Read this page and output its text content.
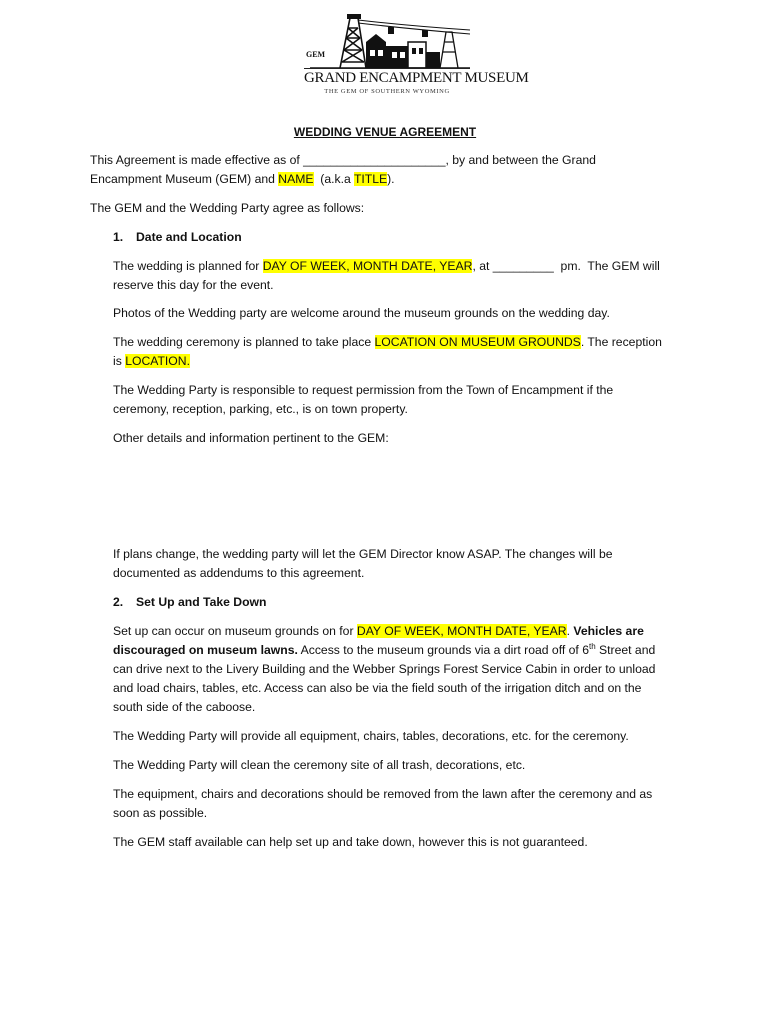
GEM
GRAND ENCAMPMENT MUSEUM
THE GEM OF SOUTHERN WYOMING
WEDDING VENUE AGREEMENT
This Agreement is made effective as of _____________________, by and between the Grand
Encampment Museum (GEM) and NAME  (a.k.a TITLE).
The GEM and the Wedding Party agree as follows:
1. Date and Location
The wedding is planned for DAY OF WEEK, MONTH DATE, YEAR, at _________  pm.  The GEM will
reserve this day for the event.
Photos of the Wedding party are welcome around the museum grounds on the wedding day.
The wedding ceremony is planned to take place LOCATION ON MUSEUM GROUNDS. The reception
is LOCATION.
The Wedding Party is responsible to request permission from the Town of Encampment if the
ceremony, reception, parking, etc., is on town property.
Other details and information pertinent to the GEM:
If plans change, the wedding party will let the GEM Director know ASAP. The changes will be
documented as addendums to this agreement.
2. Set Up and Take Down
Set up can occur on museum grounds on for DAY OF WEEK, MONTH DATE, YEAR. Vehicles are
discouraged on museum lawns. Access to the museum grounds via a dirt road off of 6th Street and
can drive next to the Livery Building and the Webber Springs Forest Service Cabin in order to unload
and load chairs, tables, etc. Access can also be via the field south of the irrigation ditch and on the
south side of the caboose.
The Wedding Party will provide all equipment, chairs, tables, decorations, etc. for the ceremony.
The Wedding Party will clean the ceremony site of all trash, decorations, etc.
The equipment, chairs and decorations should be removed from the lawn after the ceremony and as
soon as possible.
The GEM staff available can help set up and take down, however this is not guaranteed.
